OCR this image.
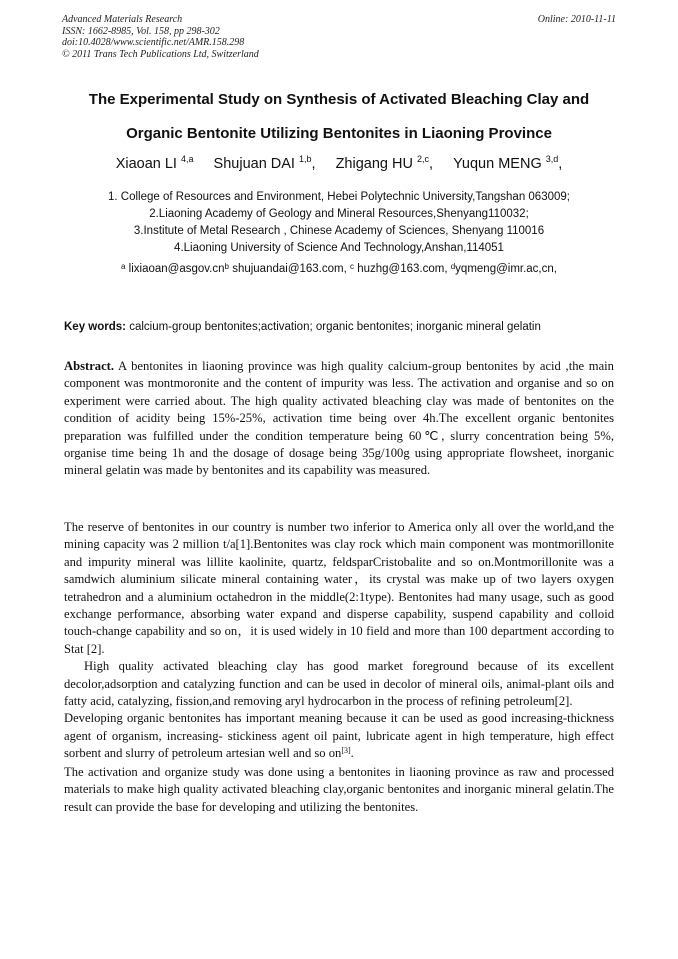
Advanced Materials Research
ISSN: 1662-8985, Vol. 158, pp 298-302
doi:10.4028/www.scientific.net/AMR.158.298
© 2011 Trans Tech Publications Ltd, Switzerland
Online: 2010-11-11
The Experimental Study on Synthesis of Activated Bleaching Clay and
Organic Bentonite Utilizing Bentonites in Liaoning Province
Xiaoan LI $^{4,a}$ Shujuan DAI $^{1,b}$, Zhigang HU $^{2,c}$, Yuqun MENG $^{3,d}$,
1. College of Resources and Environment, Hebei Polytechnic University,Tangshan 063009;
2.Liaoning Academy of Geology and Mineral Resources,Shenyang110032;
3.Institute of Metal Research , Chinese Academy of Sciences, Shenyang 110016
4.Liaoning University of Science And Technology,Anshan,114051
$^a$ $lixiaoan@asgov.cn^b$ shujuandai@163.com, $^c$ huzhg@163.com, $^d$yqmeng@imr.ac,cn,
Key words: calcium-group bentonites;activation; organic bentonites; inorganic mineral gelatin
Abstract. A bentonites in liaoning province was high quality calcium-group bentonites by acid ,the main component was montmoronite and the content of impurity was less. The activation and organise and so on experiment were carried about. The high quality activated bleaching clay was made of bentonites on the condition of acidity being 15%-25%, activation time being over 4h.The excellent organic bentonites preparation was fulfilled under the condition temperature being 60℃, slurry concentration being 5%, organise time being 1h and the dosage of dosage being 35g/100g using appropriate flowsheet, inorganic mineral gelatin was made by bentonites and its capability was measured.

The reserve of bentonites in our country is number two inferior to America only all over the world,and the mining capacity was 2 million t/a[1].Bentonites was clay rock which main component was montmorillonite and impurity mineral was lillite kaolinite, quartz, feldsparCristobalite and so on.Montmorillonite was a samdwich aluminium silicate mineral containing water，its crystal was make up of two layers oxygen tetrahedron and a aluminium octahedron in the middle(2:1type). Bentonites had many usage, such as good exchange performance, absorbing water expand and disperse capability, suspend capability and colloid touch-change capability and so on，it is used widely in 10 field and more than 100 department according to Stat [2].

High quality activated bleaching clay has good market foreground because of its excellent decolor,adsorption and catalyzing function and can be used in decolor of mineral oils, animal-plant oils and fatty acid, catalyzing, fission,and removing aryl hydrocarbon in the process of refining petroleum[2].

Developing organic bentonites has important meaning because it can be used as good increasing-thickness agent of organism, increasing- stickiness agent oil paint, lubricate agent in high temperature, high effect sorbent and slurry of petroleum artesian well and so on[3].

The activation and organize study was done using a bentonites in liaoning province as raw and processed materials to make high quality activated bleaching clay,organic bentonites and inorganic mineral gelatin.The result can provide the base for developing and utilizing the bentonites.
